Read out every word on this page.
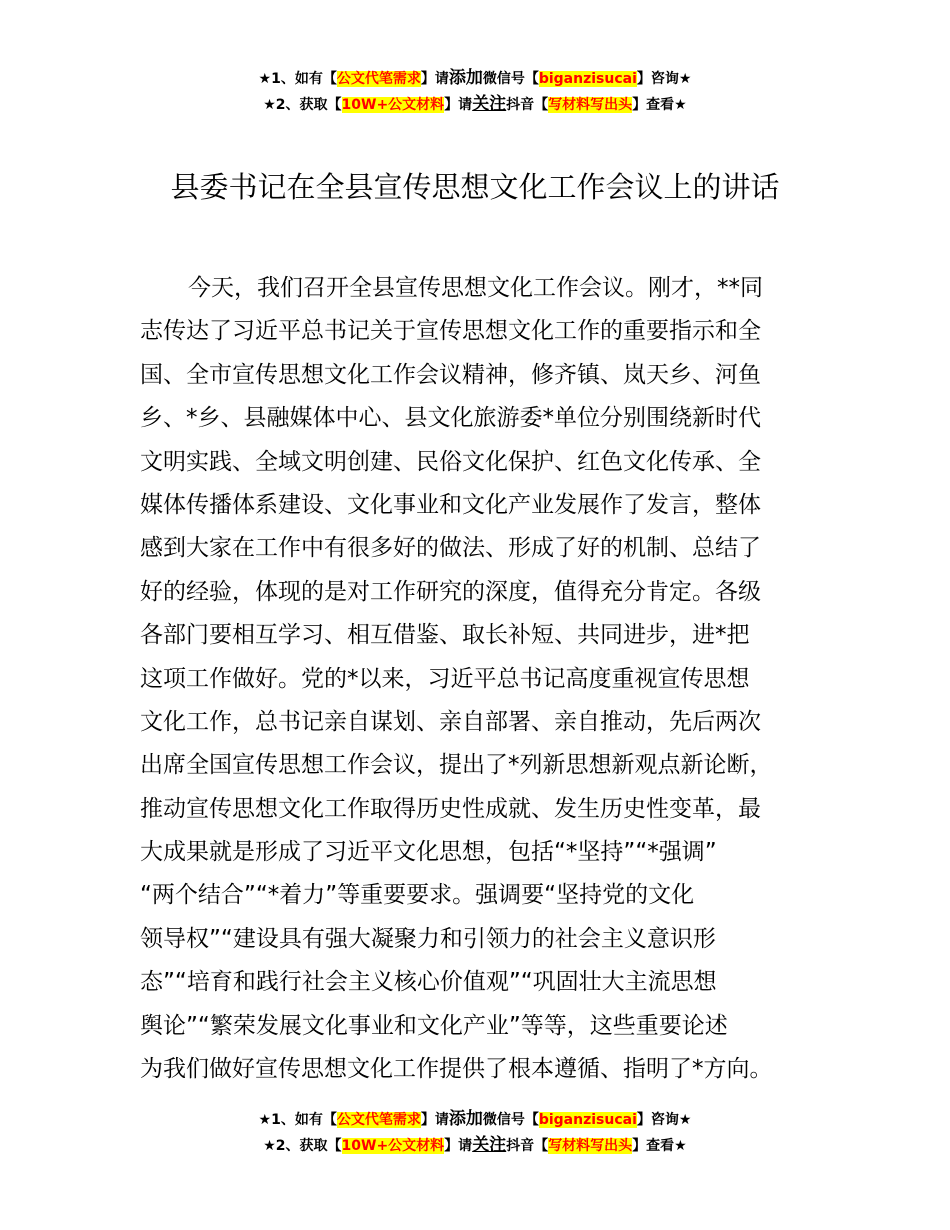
★1、如有【公文代笔需求】请添加微信号【biganzisucai】咨询★
★2、获取【10W+公文材料】请关注抖音【写材料写出头】查看★
县委书记在全县宣传思想文化工作会议上的讲话
今天，我们召开全县宣传思想文化工作会议。刚才，**同
志传达了习近平总书记关于宣传思想文化工作的重要指示和全
国、全市宣传思想文化工作会议精神，修齐镇、岚天乡、河鱼
乡、*乡、县融媒体中心、县文化旅游委*单位分别围绕新时代
文明实践、全域文明创建、民俗文化保护、红色文化传承、全
媒体传播体系建设、文化事业和文化产业发展作了发言，整体
感到大家在工作中有很多好的做法、形成了好的机制、总结了
好的经验，体现的是对工作研究的深度，值得充分肯定。各级
各部门要相互学习、相互借鉴、取长补短、共同进步，进*把
这项工作做好。党的*以来，习近平总书记高度重视宣传思想
文化工作，总书记亲自谋划、亲自部署、亲自推动，先后两次
出席全国宣传思想工作会议，提出了*列新思想新观点新论断，
推动宣传思想文化工作取得历史性成就、发生历史性变革，最
大成果就是形成了习近平文化思想，包括“*坚持”“*强调”
“两个结合”“*着力”等重要要求。强调要“坚持党的文化
领导权”“建设具有强大凝聚力和引领力的社会主义意识形
态”“培育和践行社会主义核心价值观”“巩固壮大主流思想
舆论”“繁荣发展文化事业和文化产业”等等，这些重要论述
为我们做好宣传思想文化工作提供了根本遵循、指明了*方向。
★1、如有【公文代笔需求】请添加微信号【biganzisucai】咨询★
★2、获取【10W+公文材料】请关注抖音【写材料写出头】查看★
